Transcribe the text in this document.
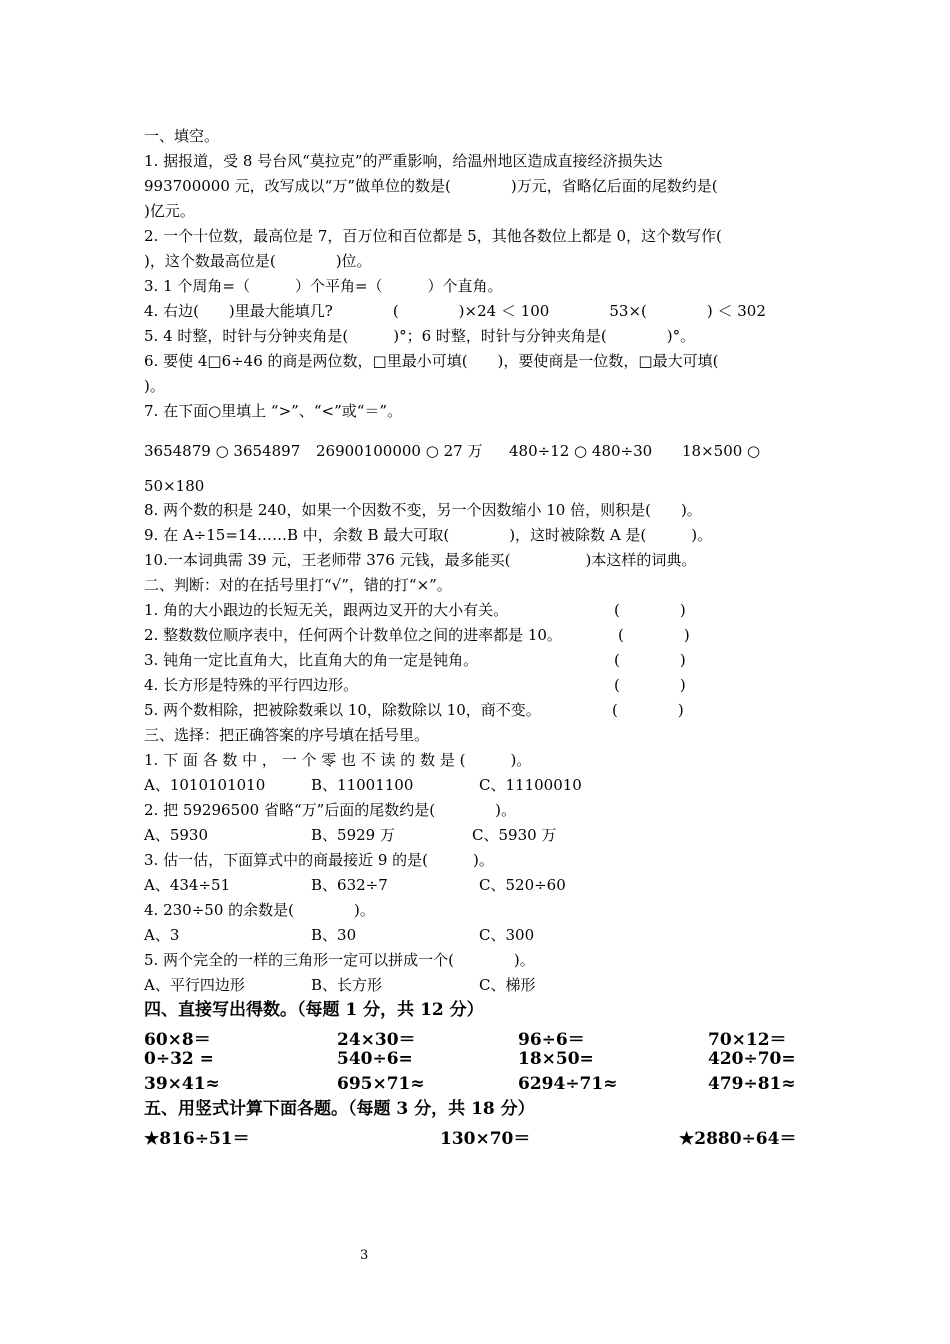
一、填空。
1. 据报道，受 8 号台风“莫拉克”的严重影响，给温州地区造成直接经济损失达
993700000 元，改写成以“万”做单位的数是(　　　　)万元，省略亿后面的尾数约是(
)亿元。
2. 一个十位数，最高位是 7，百万位和百位都是 5，其他各数位上都是 0，这个数写作(
)，这个数最高位是(　　　　)位。
3. 1 个周角=（　　　）个平角=（　　　）个直角。
4. 右边(　　)里最大能填几?　　　　(　　　　)×24 ＜ 100　　　　53×(　　　　) ＜ 302
5. 4 时整，时针与分钟夹角是(　　　)°；6 时整，时针与分钟夹角是(　　　　)°。
6. 要使 4□6÷46 的商是两位数，□里最小可填(　　)，要使商是一位数，□最大可填(
)。
7. 在下面○里填上 “>”、“<”或“＝”。
3654879 ○ 3654897 26900100000 ○ 27 万 480÷12 ○ 480÷30 18×500 ○
50×180
8. 两个数的积是 240，如果一个因数不变，另一个因数缩小 10 倍，则积是(　　)。
9. 在 A÷15=14……B 中，余数 B 最大可取(　　　　)，这时被除数 A 是(　　　)。
10.一本词典需 39 元，王老师带 376 元钱，最多能买(　　　　　)本这样的词典。
二、判断：对的在括号里打“√”，错的打“×”。
1. 角的大小跟边的长短无关，跟两边叉开的大小有关。	(　　　　)
2. 整数数位顺序表中，任何两个计数单位之间的进率都是 10。	(　　　　)
3. 钝角一定比直角大，比直角大的角一定是钝角。	(　　　　)
4. 长方形是特殊的平行四边形。	(　　　　)
5. 两个数相除，把被除数乘以 10，除数除以 10，商不变。	(　　　　)
三、选择：把正确答案的序号填在括号里。
1. 下 面 各 数 中 ， 一 个 零 也 不 读 的 数 是 (　　　)。
A、1010101010	B、11001100	C、11100010
2. 把 59296500 省略“万”后面的尾数约是(　　　　)。
A、5930	B、5929 万	C、5930 万
3. 估一估，下面算式中的商最接近 9 的是(　　　)。
A、434÷51	B、632÷7	C、520÷60
4. 230÷50 的余数是(　　　　)。
A、3	B、30	C、300
5. 两个完全的一样的三角形一定可以拼成一个(　　　　)。
A、平行四边形	B、长方形	C、梯形
四、直接写出得数。（每题 1 分，共 12 分）
60×8＝	24×30＝	96÷6＝	70×12＝
0÷32 =	540÷6=	18×50=	420÷70=
39×41≈	695×71≈	6294÷71≈	479÷81≈
五、用竖式计算下面各题。（每题 3 分，共 18 分）
★816÷51＝	130×70＝	★2880÷64＝
3
